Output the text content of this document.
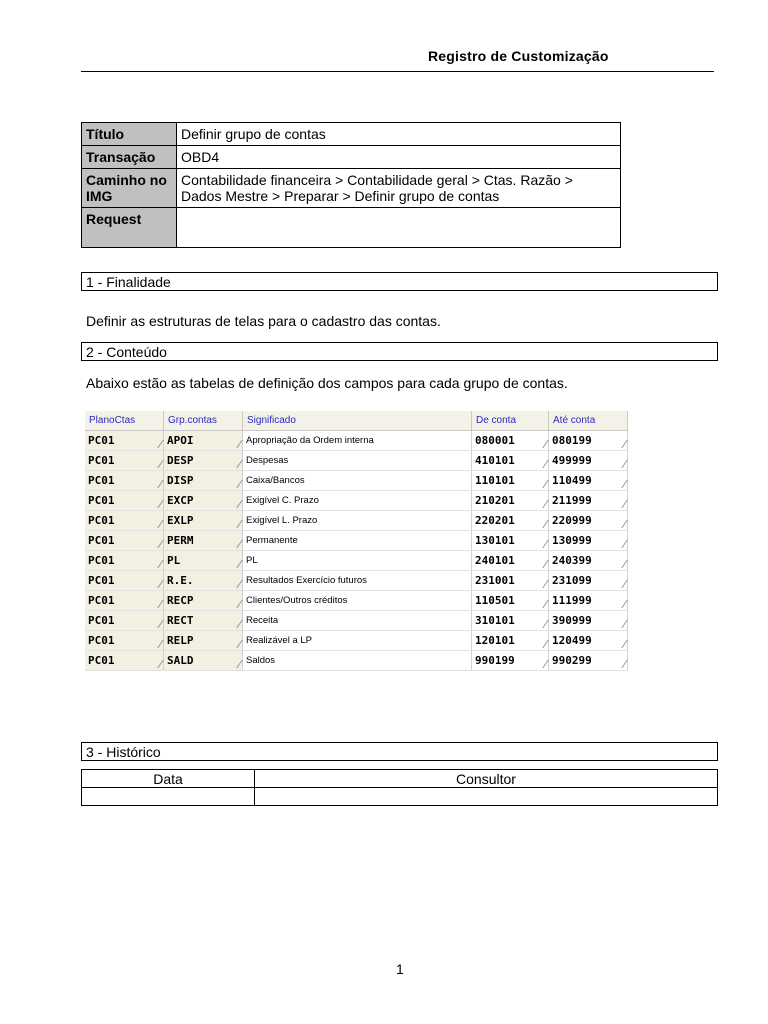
Registro de Customização
Título	Definir grupo de contas
Transação	OBD4
Caminho no IMG	Contabilidade financeira > Contabilidade geral > Ctas. Razão > Dados Mestre > Preparar > Definir grupo de contas
Request	
1 - Finalidade
Definir as estruturas de telas para o cadastro das contas.
2 - Conteúdo
Abaixo estão as tabelas de definição dos campos para cada grupo de contas.
PlanoCtas	Grp.contas	Significado	De conta	Até conta
PC01	APOI	Apropriação da Ordem interna	080001	080199

PC01	DESP	Despesas	410101	499999

PC01	DISP	Caixa/Bancos	110101	110499

PC01	EXCP	Exigível C. Prazo	210201	211999

PC01	EXLP	Exigível L. Prazo	220201	220999

PC01	PERM	Permanente	130101	130999

PC01	PL	PL	240101	240399

PC01	R.E.	Resultados Exercício futuros	231001	231099

PC01	RECP	Clientes/Outros créditos	110501	111999

PC01	RECT	Receita	310101	390999

PC01	RELP	Realizável a LP	120101	120499

PC01	SALD	Saldos	990199	990299
3 - Histórico
Data	Consultor

1
